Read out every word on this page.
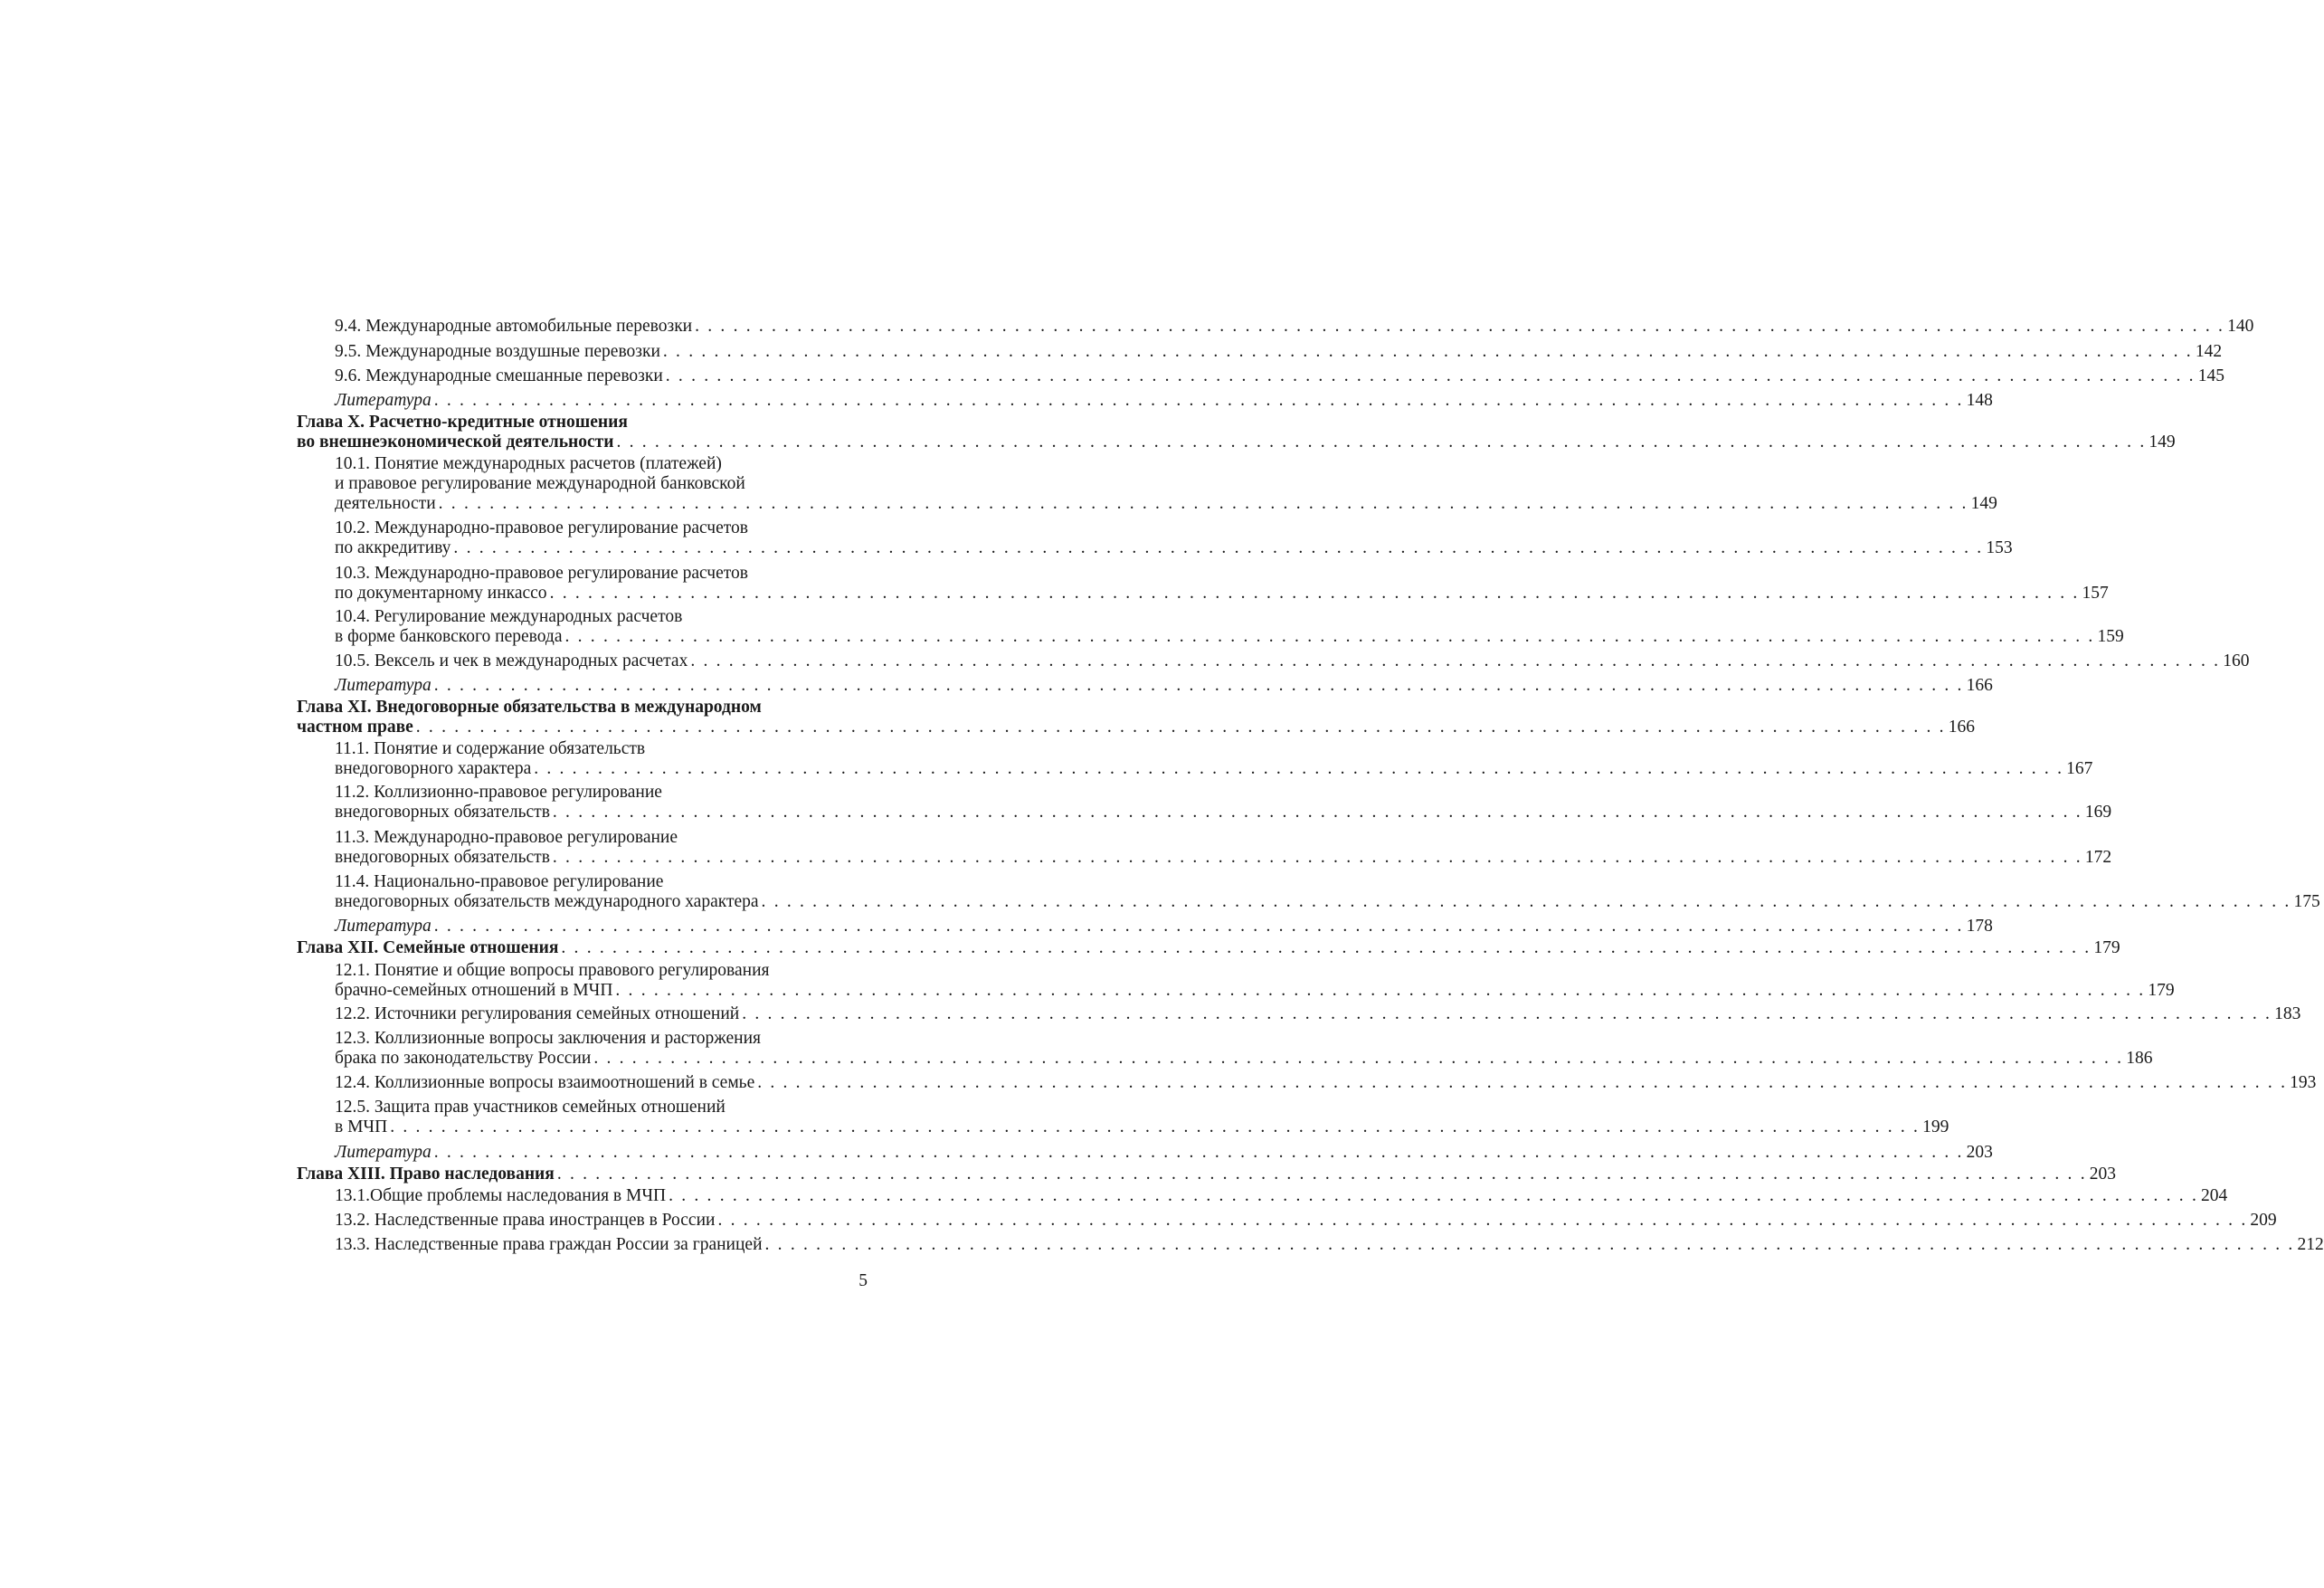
9.4. Международные автомобильные перевозки . . . . . . . . . . . . . . . . . . . . . . . . . . . . . . . . . . . . . . . . . . . . . . . . . . . . . . . . . . . . . . . . . . . . . . . . . . . . . . . . . . . . . . . . . . . . . . . . . . . . . . . . . . . . . . . . . . . . . . . . 140
9.5. Международные воздушные перевозки . . . . . . . . . . . . . . . . . . . . . . . . . . . . . . . . . . . . . . . . . . . . . . . . . . . . . . . . . . . . . . . . . . . . . . . . . . . . . . . . . . . . . . . . . . . . . . . . . . . . . . . . . . . . . . . . . . . . . . . . 142
9.6. Международные смешанные перевозки . . . . . . . . . . . . . . . . . . . . . . . . . . . . . . . . . . . . . . . . . . . . . . . . . . . . . . . . . . . . . . . . . . . . . . . . . . . . . . . . . . . . . . . . . . . . . . . . . . . . . . . . . . . . . . . . . . . . . . . . 145
Литература . . . . . . . . . . . . . . . . . . . . . . . . . . . . . . . . . . . . . . . . . . . . . . . . . . . . . . . . . . . . . . . . . . . . . . . . . . . . . . . . . . . . . . . . . . . . . . . . . . . . . . . . . . . . . . . . . . . . . . . . 148
Глава X. Расчетно-кредитные отношения
во внешнеэкономической деятельности . . . . . . . . . . . . . . . . . . . . . . . . . . . . . . . . . . . . . . . . . . . . . . . . . . . . . . . . . . . . . . . . . . . . . . . . . . . . . . . . . . . . . . . . . . . . . . . . . . . . . . . . . . . . . . . . . . . . . . . . 149
10.1. Понятие международных расчетов (платежей)
и правовое регулирование международной банковской
деятельности . . . . . . . . . . . . . . . . . . . . . . . . . . . . . . . . . . . . . . . . . . . . . . . . . . . . . . . . . . . . . . . . . . . . . . . . . . . . . . . . . . . . . . . . . . . . . . . . . . . . . . . . . . . . . . . . . . . . . . . . 149
10.2. Международно-правовое регулирование расчетов
по аккредитиву . . . . . . . . . . . . . . . . . . . . . . . . . . . . . . . . . . . . . . . . . . . . . . . . . . . . . . . . . . . . . . . . . . . . . . . . . . . . . . . . . . . . . . . . . . . . . . . . . . . . . . . . . . . . . . . . . . . . . . . . 153
10.3. Международно-правовое регулирование расчетов
по документарному инкассо . . . . . . . . . . . . . . . . . . . . . . . . . . . . . . . . . . . . . . . . . . . . . . . . . . . . . . . . . . . . . . . . . . . . . . . . . . . . . . . . . . . . . . . . . . . . . . . . . . . . . . . . . . . . . . . . . . . . . . . . 157
10.4. Регулирование международных расчетов
в форме банковского перевода . . . . . . . . . . . . . . . . . . . . . . . . . . . . . . . . . . . . . . . . . . . . . . . . . . . . . . . . . . . . . . . . . . . . . . . . . . . . . . . . . . . . . . . . . . . . . . . . . . . . . . . . . . . . . . . . . . . . . . . . 159
10.5. Вексель и чек в международных расчетах . . . . . . . . . . . . . . . . . . . . . . . . . . . . . . . . . . . . . . . . . . . . . . . . . . . . . . . . . . . . . . . . . . . . . . . . . . . . . . . . . . . . . . . . . . . . . . . . . . . . . . . . . . . . . . . . . . . . . . . . 160
Литература . . . . . . . . . . . . . . . . . . . . . . . . . . . . . . . . . . . . . . . . . . . . . . . . . . . . . . . . . . . . . . . . . . . . . . . . . . . . . . . . . . . . . . . . . . . . . . . . . . . . . . . . . . . . . . . . . . . . . . . . 166
Глава XI. Внедоговорные обязательства в международном
частном праве . . . . . . . . . . . . . . . . . . . . . . . . . . . . . . . . . . . . . . . . . . . . . . . . . . . . . . . . . . . . . . . . . . . . . . . . . . . . . . . . . . . . . . . . . . . . . . . . . . . . . . . . . . . . . . . . . . . . . . . . 166
11.1. Понятие и содержание обязательств
внедоговорного характера . . . . . . . . . . . . . . . . . . . . . . . . . . . . . . . . . . . . . . . . . . . . . . . . . . . . . . . . . . . . . . . . . . . . . . . . . . . . . . . . . . . . . . . . . . . . . . . . . . . . . . . . . . . . . . . . . . . . . . . . 167
11.2. Коллизионно-правовое регулирование
внедоговорных обязательств . . . . . . . . . . . . . . . . . . . . . . . . . . . . . . . . . . . . . . . . . . . . . . . . . . . . . . . . . . . . . . . . . . . . . . . . . . . . . . . . . . . . . . . . . . . . . . . . . . . . . . . . . . . . . . . . . . . . . . . . 169
11.3. Международно-правовое регулирование
внедоговорных обязательств . . . . . . . . . . . . . . . . . . . . . . . . . . . . . . . . . . . . . . . . . . . . . . . . . . . . . . . . . . . . . . . . . . . . . . . . . . . . . . . . . . . . . . . . . . . . . . . . . . . . . . . . . . . . . . . . . . . . . . . . 172
11.4. Национально-правовое регулирование
внедоговорных обязательств международного характера . . . . . . . . . . . . . . . . . . . . . . . . . . . . . . . . . . . . . . . . . . . . . . . . . . . . . . . . . . . . . . . . . . . . . . . . . . . . . . . . . . . . . . . . . . . . . . . . . . . . . . . . . . . . . . . . . . . . . . . . 175
Литература . . . . . . . . . . . . . . . . . . . . . . . . . . . . . . . . . . . . . . . . . . . . . . . . . . . . . . . . . . . . . . . . . . . . . . . . . . . . . . . . . . . . . . . . . . . . . . . . . . . . . . . . . . . . . . . . . . . . . . . . 178
Глава XII. Семейные отношения . . . . . . . . . . . . . . . . . . . . . . . . . . . . . . . . . . . . . . . . . . . . . . . . . . . . . . . . . . . . . . . . . . . . . . . . . . . . . . . . . . . . . . . . . . . . . . . . . . . . . . . . . . . . . . . . . . . . . . . . 179
12.1. Понятие и общие вопросы правового регулирования
брачно-семейных отношений в МЧП . . . . . . . . . . . . . . . . . . . . . . . . . . . . . . . . . . . . . . . . . . . . . . . . . . . . . . . . . . . . . . . . . . . . . . . . . . . . . . . . . . . . . . . . . . . . . . . . . . . . . . . . . . . . . . . . . . . . . . . . 179
12.2. Источники регулирования семейных отношений . . . . . . . . . . . . . . . . . . . . . . . . . . . . . . . . . . . . . . . . . . . . . . . . . . . . . . . . . . . . . . . . . . . . . . . . . . . . . . . . . . . . . . . . . . . . . . . . . . . . . . . . . . . . . . . . . . . . . . . . 183
12.3. Коллизионные вопросы заключения и расторжения
брака по законодательству России . . . . . . . . . . . . . . . . . . . . . . . . . . . . . . . . . . . . . . . . . . . . . . . . . . . . . . . . . . . . . . . . . . . . . . . . . . . . . . . . . . . . . . . . . . . . . . . . . . . . . . . . . . . . . . . . . . . . . . . . 186
12.4. Коллизионные вопросы взаимоотношений в семье . . . . . . . . . . . . . . . . . . . . . . . . . . . . . . . . . . . . . . . . . . . . . . . . . . . . . . . . . . . . . . . . . . . . . . . . . . . . . . . . . . . . . . . . . . . . . . . . . . . . . . . . . . . . . . . . . . . . . . . . 193
12.5. Защита прав участников семейных отношений
в МЧП . . . . . . . . . . . . . . . . . . . . . . . . . . . . . . . . . . . . . . . . . . . . . . . . . . . . . . . . . . . . . . . . . . . . . . . . . . . . . . . . . . . . . . . . . . . . . . . . . . . . . . . . . . . . . . . . . . . . . . . . 199
Литература . . . . . . . . . . . . . . . . . . . . . . . . . . . . . . . . . . . . . . . . . . . . . . . . . . . . . . . . . . . . . . . . . . . . . . . . . . . . . . . . . . . . . . . . . . . . . . . . . . . . . . . . . . . . . . . . . . . . . . . . 203
Глава XIII. Право наследования . . . . . . . . . . . . . . . . . . . . . . . . . . . . . . . . . . . . . . . . . . . . . . . . . . . . . . . . . . . . . . . . . . . . . . . . . . . . . . . . . . . . . . . . . . . . . . . . . . . . . . . . . . . . . . . . . . . . . . . . 203
13.1.Общие проблемы наследования в МЧП . . . . . . . . . . . . . . . . . . . . . . . . . . . . . . . . . . . . . . . . . . . . . . . . . . . . . . . . . . . . . . . . . . . . . . . . . . . . . . . . . . . . . . . . . . . . . . . . . . . . . . . . . . . . . . . . . . . . . . . . 204
13.2. Наследственные права иностранцев в России . . . . . . . . . . . . . . . . . . . . . . . . . . . . . . . . . . . . . . . . . . . . . . . . . . . . . . . . . . . . . . . . . . . . . . . . . . . . . . . . . . . . . . . . . . . . . . . . . . . . . . . . . . . . . . . . . . . . . . . . 209
13.3. Наследственные права граждан России за границей . . . . . . . . . . . . . . . . . . . . . . . . . . . . . . . . . . . . . . . . . . . . . . . . . . . . . . . . . . . . . . . . . . . . . . . . . . . . . . . . . . . . . . . . . . . . . . . . . . . . . . . . . . . . . . . . . . . . . . . . 212
5
